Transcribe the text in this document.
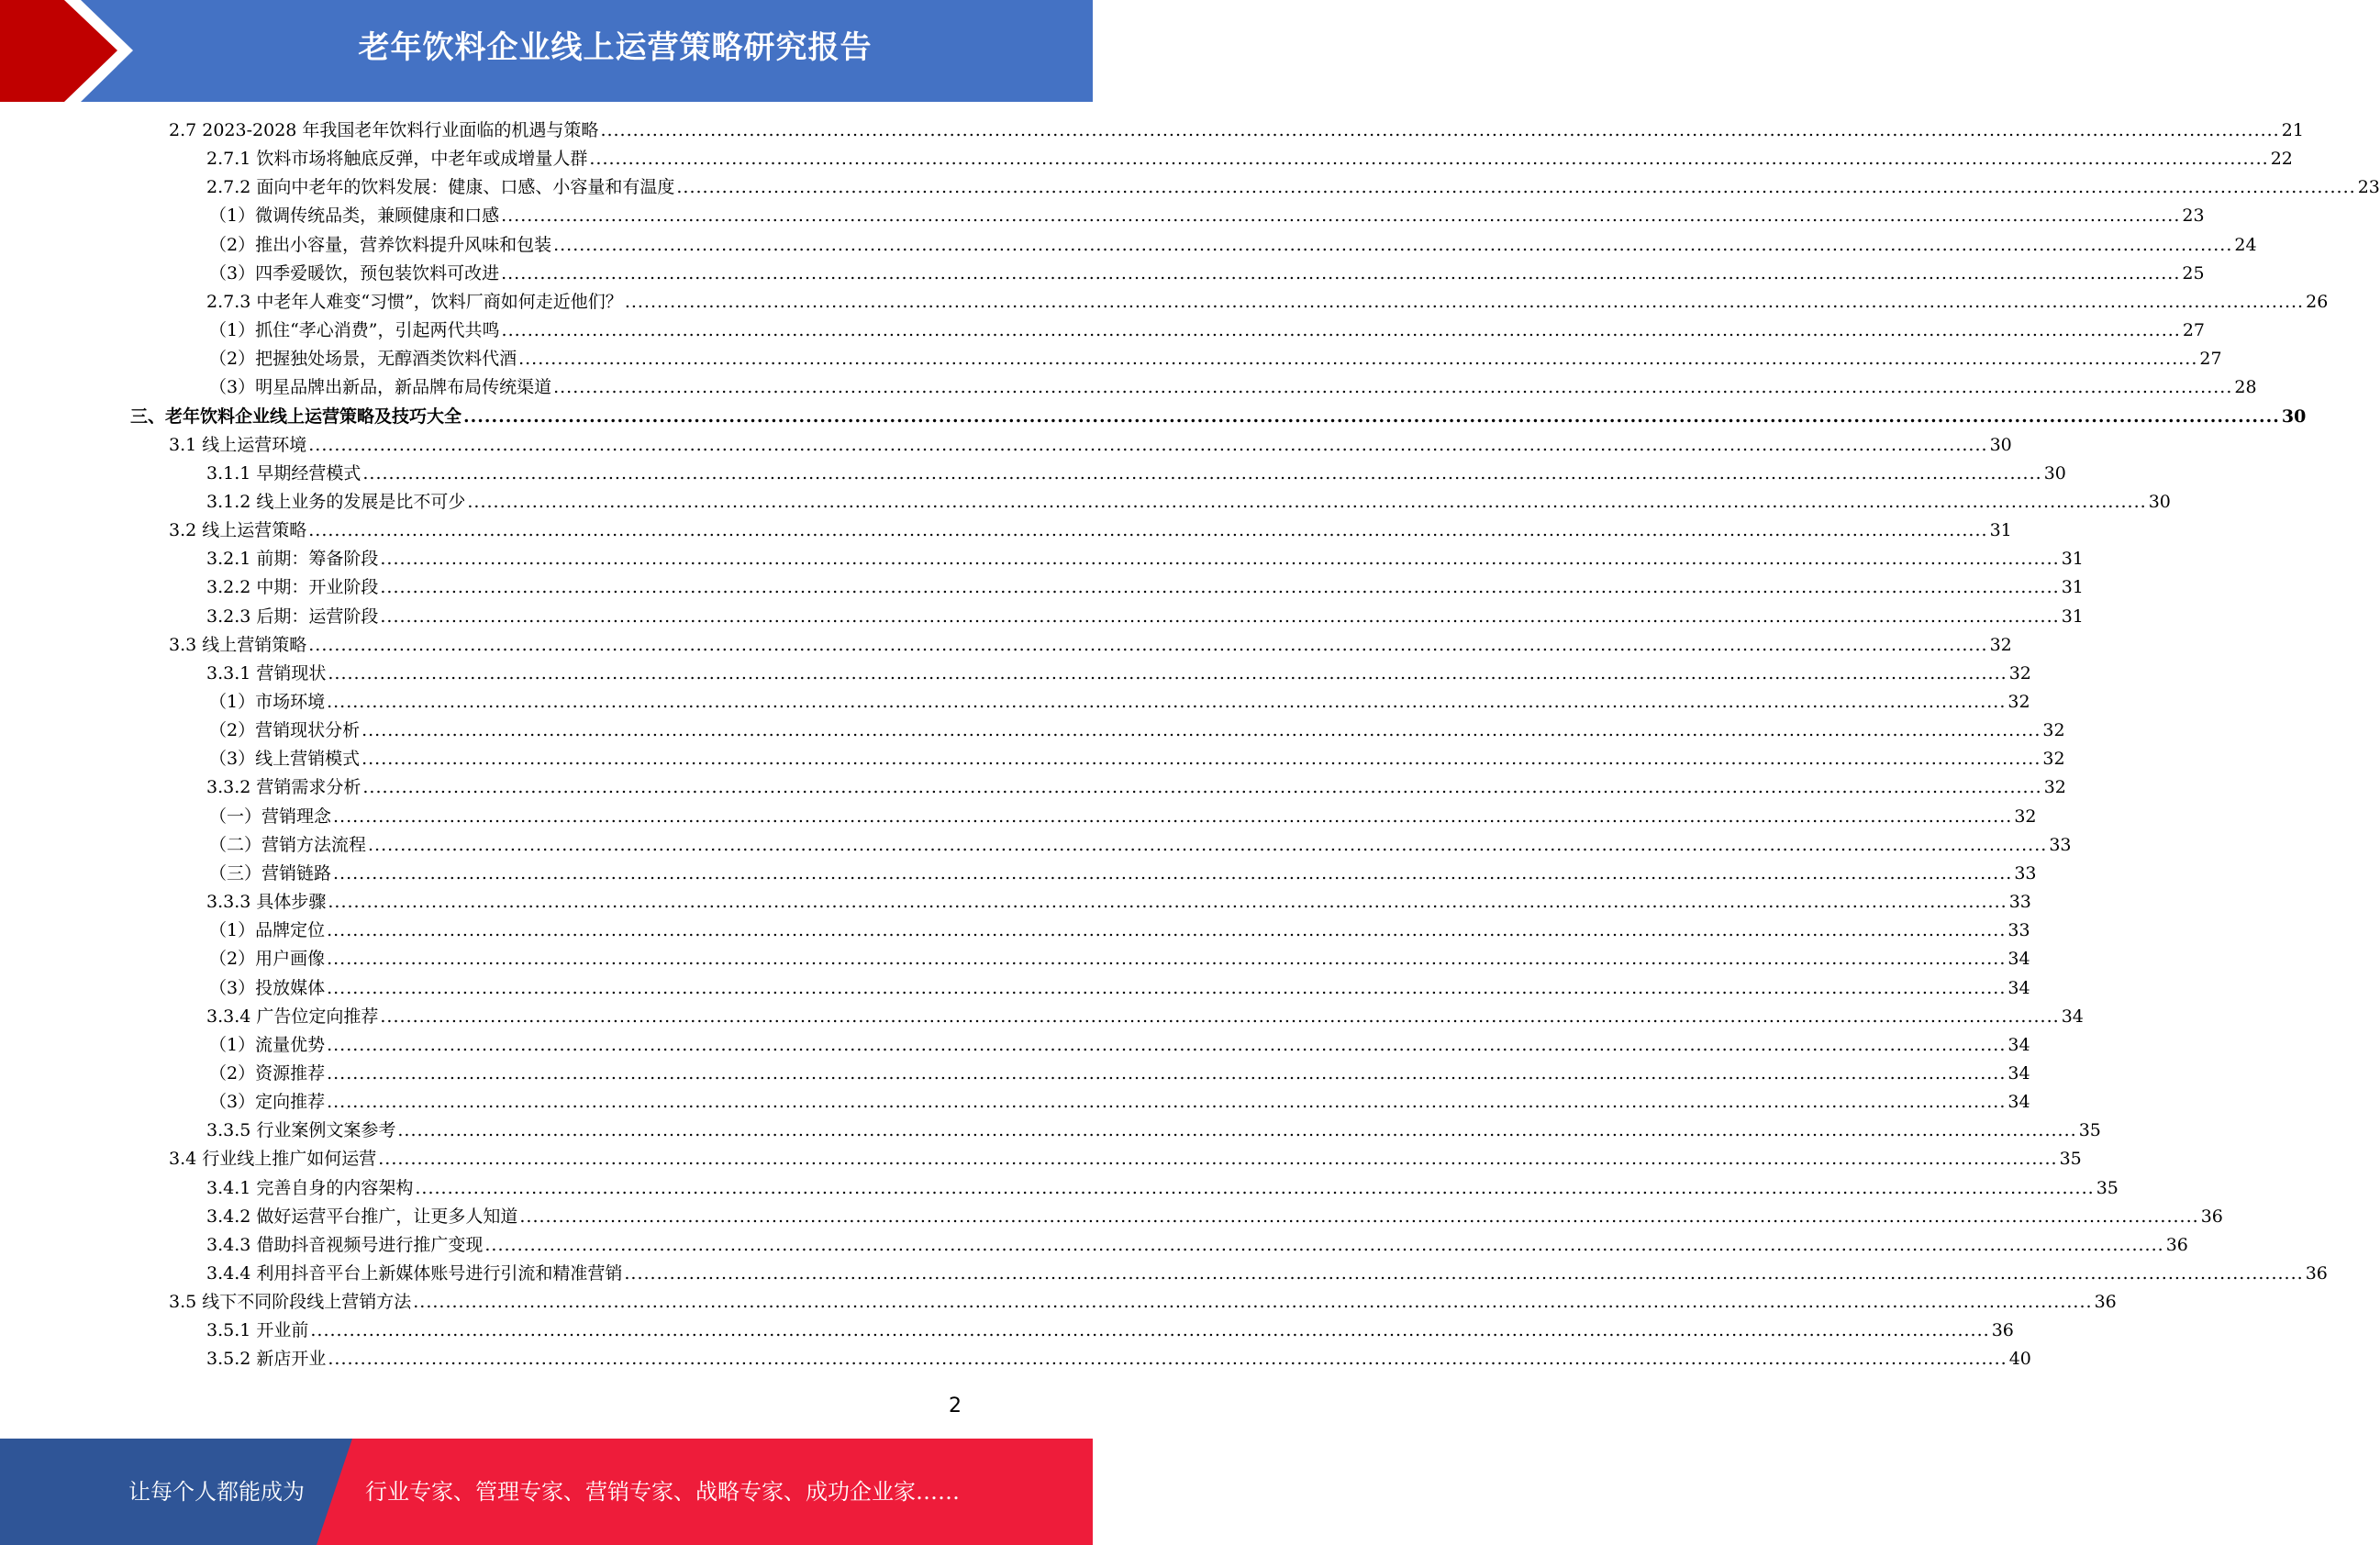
老年饮料企业线上运营策略研究报告
2.7 2023-2028 年我国老年饮料行业面临的机遇与策略 .................................................................................................................................................................................................................................................................... 21
2.7.1 饮料市场将触底反弹，中老年或成增量人群 .................................................................................................................................................................................................................................................................... 22
2.7.2 面向中老年的饮料发展：健康、口感、小容量和有温度 .................................................................................................................................................................................................................................................................... 23
（1）微调传统品类，兼顾健康和口感 .................................................................................................................................................................................................................................................................... 23
（2）推出小容量，营养饮料提升风味和包装 .................................................................................................................................................................................................................................................................... 24
（3）四季爱暖饮，预包装饮料可改进 .................................................................................................................................................................................................................................................................... 25
2.7.3 中老年人难变“习惯”，饮料厂商如何走近他们？ .................................................................................................................................................................................................................................................................... 26
（1）抓住“孝心消费”，引起两代共鸣 .................................................................................................................................................................................................................................................................... 27
（2）把握独处场景，无醇酒类饮料代酒 .................................................................................................................................................................................................................................................................... 27
（3）明星品牌出新品，新品牌布局传统渠道 .................................................................................................................................................................................................................................................................... 28
三、老年饮料企业线上运营策略及技巧大全 .................................................................................................................................................................................................................................................................... 30
3.1 线上运营环境 .................................................................................................................................................................................................................................................................... 30
3.1.1 早期经营模式 .................................................................................................................................................................................................................................................................... 30
3.1.2 线上业务的发展是比不可少 .................................................................................................................................................................................................................................................................... 30
3.2 线上运营策略 .................................................................................................................................................................................................................................................................... 31
3.2.1 前期：筹备阶段 .................................................................................................................................................................................................................................................................... 31
3.2.2 中期：开业阶段 .................................................................................................................................................................................................................................................................... 31
3.2.3 后期：运营阶段 .................................................................................................................................................................................................................................................................... 31
3.3 线上营销策略 .................................................................................................................................................................................................................................................................... 32
3.3.1 营销现状 .................................................................................................................................................................................................................................................................... 32
（1）市场环境 .................................................................................................................................................................................................................................................................... 32
（2）营销现状分析 .................................................................................................................................................................................................................................................................... 32
（3）线上营销模式 .................................................................................................................................................................................................................................................................... 32
3.3.2 营销需求分析 .................................................................................................................................................................................................................................................................... 32
（一）营销理念 .................................................................................................................................................................................................................................................................... 32
（二）营销方法流程 .................................................................................................................................................................................................................................................................... 33
（三）营销链路 .................................................................................................................................................................................................................................................................... 33
3.3.3 具体步骤 .................................................................................................................................................................................................................................................................... 33
（1）品牌定位 .................................................................................................................................................................................................................................................................... 33
（2）用户画像 .................................................................................................................................................................................................................................................................... 34
（3）投放媒体 .................................................................................................................................................................................................................................................................... 34
3.3.4 广告位定向推荐 .................................................................................................................................................................................................................................................................... 34
（1）流量优势 .................................................................................................................................................................................................................................................................... 34
（2）资源推荐 .................................................................................................................................................................................................................................................................... 34
（3）定向推荐 .................................................................................................................................................................................................................................................................... 34
3.3.5 行业案例文案参考 .................................................................................................................................................................................................................................................................... 35
3.4 行业线上推广如何运营 .................................................................................................................................................................................................................................................................... 35
3.4.1 完善自身的内容架构 .................................................................................................................................................................................................................................................................... 35
3.4.2 做好运营平台推广，让更多人知道 .................................................................................................................................................................................................................................................................... 36
3.4.3 借助抖音视频号进行推广变现 .................................................................................................................................................................................................................................................................... 36
3.4.4 利用抖音平台上新媒体账号进行引流和精准营销 .................................................................................................................................................................................................................................................................... 36
3.5 线下不同阶段线上营销方法 .................................................................................................................................................................................................................................................................... 36
3.5.1 开业前 .................................................................................................................................................................................................................................................................... 36
3.5.2 新店开业 .................................................................................................................................................................................................................................................................... 40
2
让每个人都能成为	行业专家、管理专家、营销专家、战略专家、成功企业家……
